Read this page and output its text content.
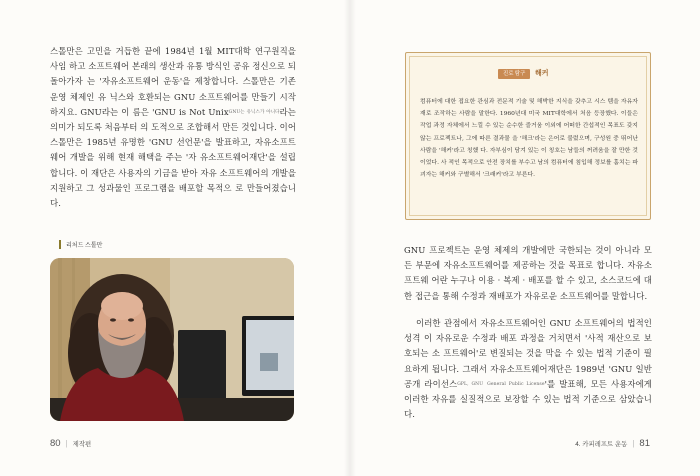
스톨만은 고민을 거듭한 끝에 1984년 1월 MIT대학 연구원직을 사임 하고 소프트웨어 본래의 생산과 유통 방식인 공유 정신으로 되돌아가자 는 '자유소프트웨어 운동'을 제창합니다. 스톨만은 기존 운영 체제인 유 닉스와 호환되는 GNU 소프트웨어를 만들기 시작하지요. GNU라는 이 름은 'GNU is Not Unix$^{GNU는 유닉스가 아니다}$라는 의미가 되도록 처음부터 의 도적으로 조합해서 만든 것입니다. 이어 스톨만은 1985년 유명한 'GNU 선언문'을 발표하고, 자유소프트웨어 개발을 위해 현재 해택을 주는 '자 유소프트웨어재단'을 설립합니다. 이 재단은 사용자의 기금을 받아 자유 소프트웨어의 개발을 지원하고 그 성과물인 프로그램을 배포할 목적으 로 만들어졌습니다.

리처드 스톨만
80 | 제작편
진로 탐구	해커

컴퓨터에 대한 접요한 관심과 전문적 기술 및 해박한 지식을 갖추고 시스 템을 자유자재로 조작하는 사람을 말한다. 1960년대 미국 MIT대학에서 처음 등장했다. 이들은 작업 과정 자체에서 느낄 수 있는 순수한 즐거움 이외에 어떠한 간섭적인 목표도 갖지 않는 프로젝트나, 그에 따른 결과물 을 '해크'라는 은어로 불렀으며, 구성원 중 뛰어난 사람을 '해커'라고 칭했 다. 자부심이 담겨 있는 이 칭호는 남들의 꺼려움을 잘 만한 것이었다. 사 적인 목적으로 안전 장치를 부수고 남의 컴퓨터에 침입해 정보를 훔치는 파괴자는 해커와 구별해서 '크래커'라고 부른다.

GNU 프로젝트는 운영 체제의 개발에만 국한되는 것이 아니라 모든 부문에 자유소프트웨어를 제공하는 것을 목표로 합니다. 자유소프트웨 어란 누구나 이용 · 복제 · 배포를 할 수 있고, 소스코드에 대한 접근을 통해 수정과 재배포가 자유로운 소프트웨어를 말합니다.

이러한 관점에서 자유소프트웨어인 GNU 소프트웨어의 법적인 성격 이 자유로운 수정과 배포 과정을 거치면서 '사적 재산으로 보호되는 소 프트웨어'로 변질되는 것을 막을 수 있는 법적 기준이 필요하게 됩니다. 그래서 자유소프트웨어재단은 1989년 'GNU 일반 공개 라이선스$^{GPL, GNU}$ $^{General Public License}$'를 발표해, 모든 사용자에게 이러한 자유를 실질적으로 보장할 수 있는 법적 기준으로 삼았습니다.

4. 카피레프트 운동 | 81
